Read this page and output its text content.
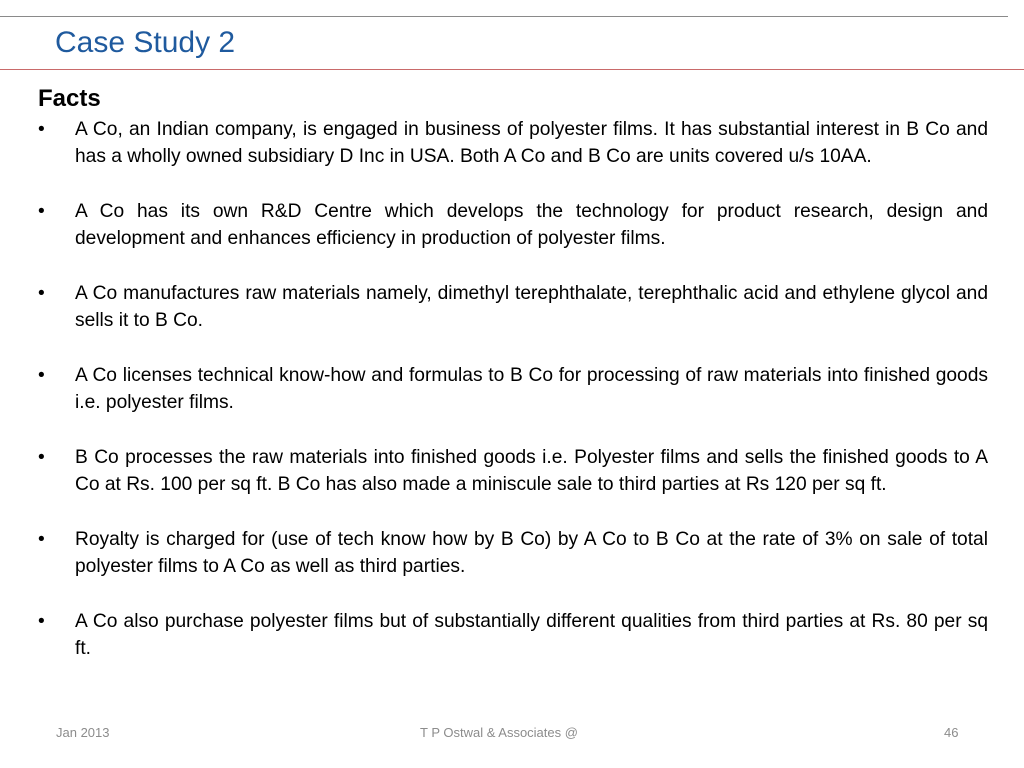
Case Study 2
Facts
• A Co, an Indian company, is engaged in business of polyester films. It has substantial interest in B Co and has a wholly owned subsidiary D Inc in USA. Both A Co and B Co are units covered u/s 10AA.
• A Co has its own R&D Centre which develops the technology for product research, design and development and enhances efficiency in production of polyester films.
• A Co manufactures raw materials namely, dimethyl terephthalate, terephthalic acid and ethylene glycol and sells it to B Co.
• A Co licenses technical know-how and formulas to B Co for processing of raw materials into finished goods i.e. polyester films.
• B Co processes the raw materials into finished goods i.e. Polyester films and sells the finished goods to A Co at Rs. 100 per sq ft. B Co has also made a miniscule sale to third parties at Rs 120 per sq ft.
• Royalty is charged for (use of tech know how by B Co) by A Co to B Co at the rate of 3% on sale of total polyester films to A Co as well as third parties.
• A Co also purchase polyester films but of substantially different qualities from third parties at Rs. 80 per sq ft.
Jan 2013	T P Ostwal & Associates @	46
